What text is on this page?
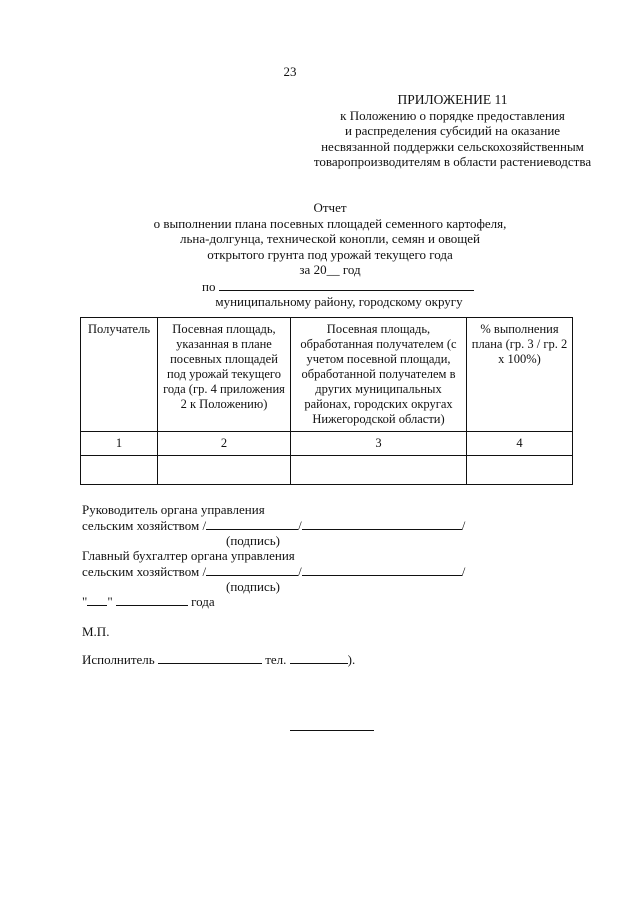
23
ПРИЛОЖЕНИЕ 11
к Положению о порядке предоставления
и распределения субсидий на оказание
несвязанной поддержки сельскохозяйственным
товаропроизводителям в области растениеводства
Отчет
о выполнении плана посевных площадей семенного картофеля,
льна-долгунца, технической конопли, семян и овощей
открытого грунта под урожай текущего года
за 20__ год
по
муниципальному району, городскому округу
Получатель	Посевная площадь, указанная в плане посевных площадей под урожай текущего года (гр. 4 приложения 2 к Положению)	Посевная площадь, обработанная получателем (с учетом посевной площади, обработанной получателем в других муниципальных районах, городских округах Нижегородской области)	% выполнения плана (гр. 3 / гр. 2 х 100%)
1	2	3	4

Руководитель органа управления
сельским хозяйством /	/	/
(подпись)
Главный бухгалтер органа управления
сельским хозяйством /	/	/
(подпись)
" "	года
М.П.
Исполнитель	тел.	).
